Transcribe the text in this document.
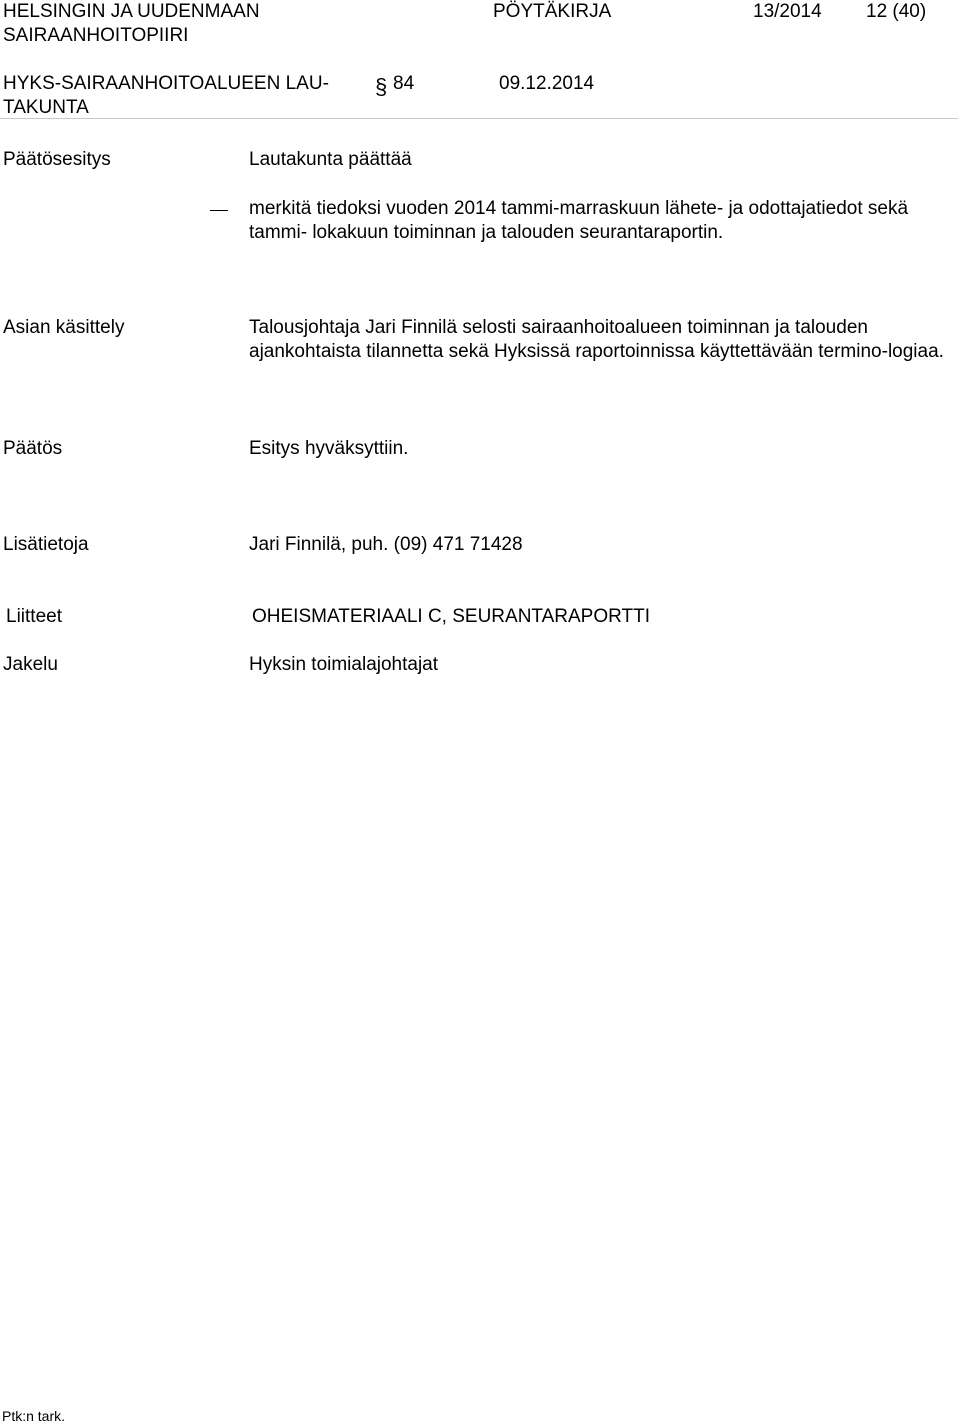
HELSINGIN JA UUDENMAAN
SAIRAANHOITOPIIRI
PÖYTÄKIRJA	13/2014 12 (40)
HYKS-SAIRAANHOITOALUEEN LAU-
TAKUNTA
§ 84	09.12.2014
Päätösesitys	Lautakunta päättää
merkitä tiedoksi vuoden 2014 tammi-marraskuun lähete- ja odottajatiedot sekä tammi- lokakuun toiminnan ja talouden seurantaraportin.
Asian käsittely	Talousjohtaja Jari Finnilä selosti sairaanhoitoalueen toiminnan ja talouden ajankohtaista tilannetta sekä Hyksissä raportoinnissa käyttettävään termino-logiaa.
Päätös	Esitys hyväksyttiin.
Lisätietoja	Jari Finnilä, puh. (09) 471 71428
Liitteet	OHEISMATERIAALI C, SEURANTARAPORTTI
Jakelu	Hyksin toimialajohtajat
Ptk:n tark.
